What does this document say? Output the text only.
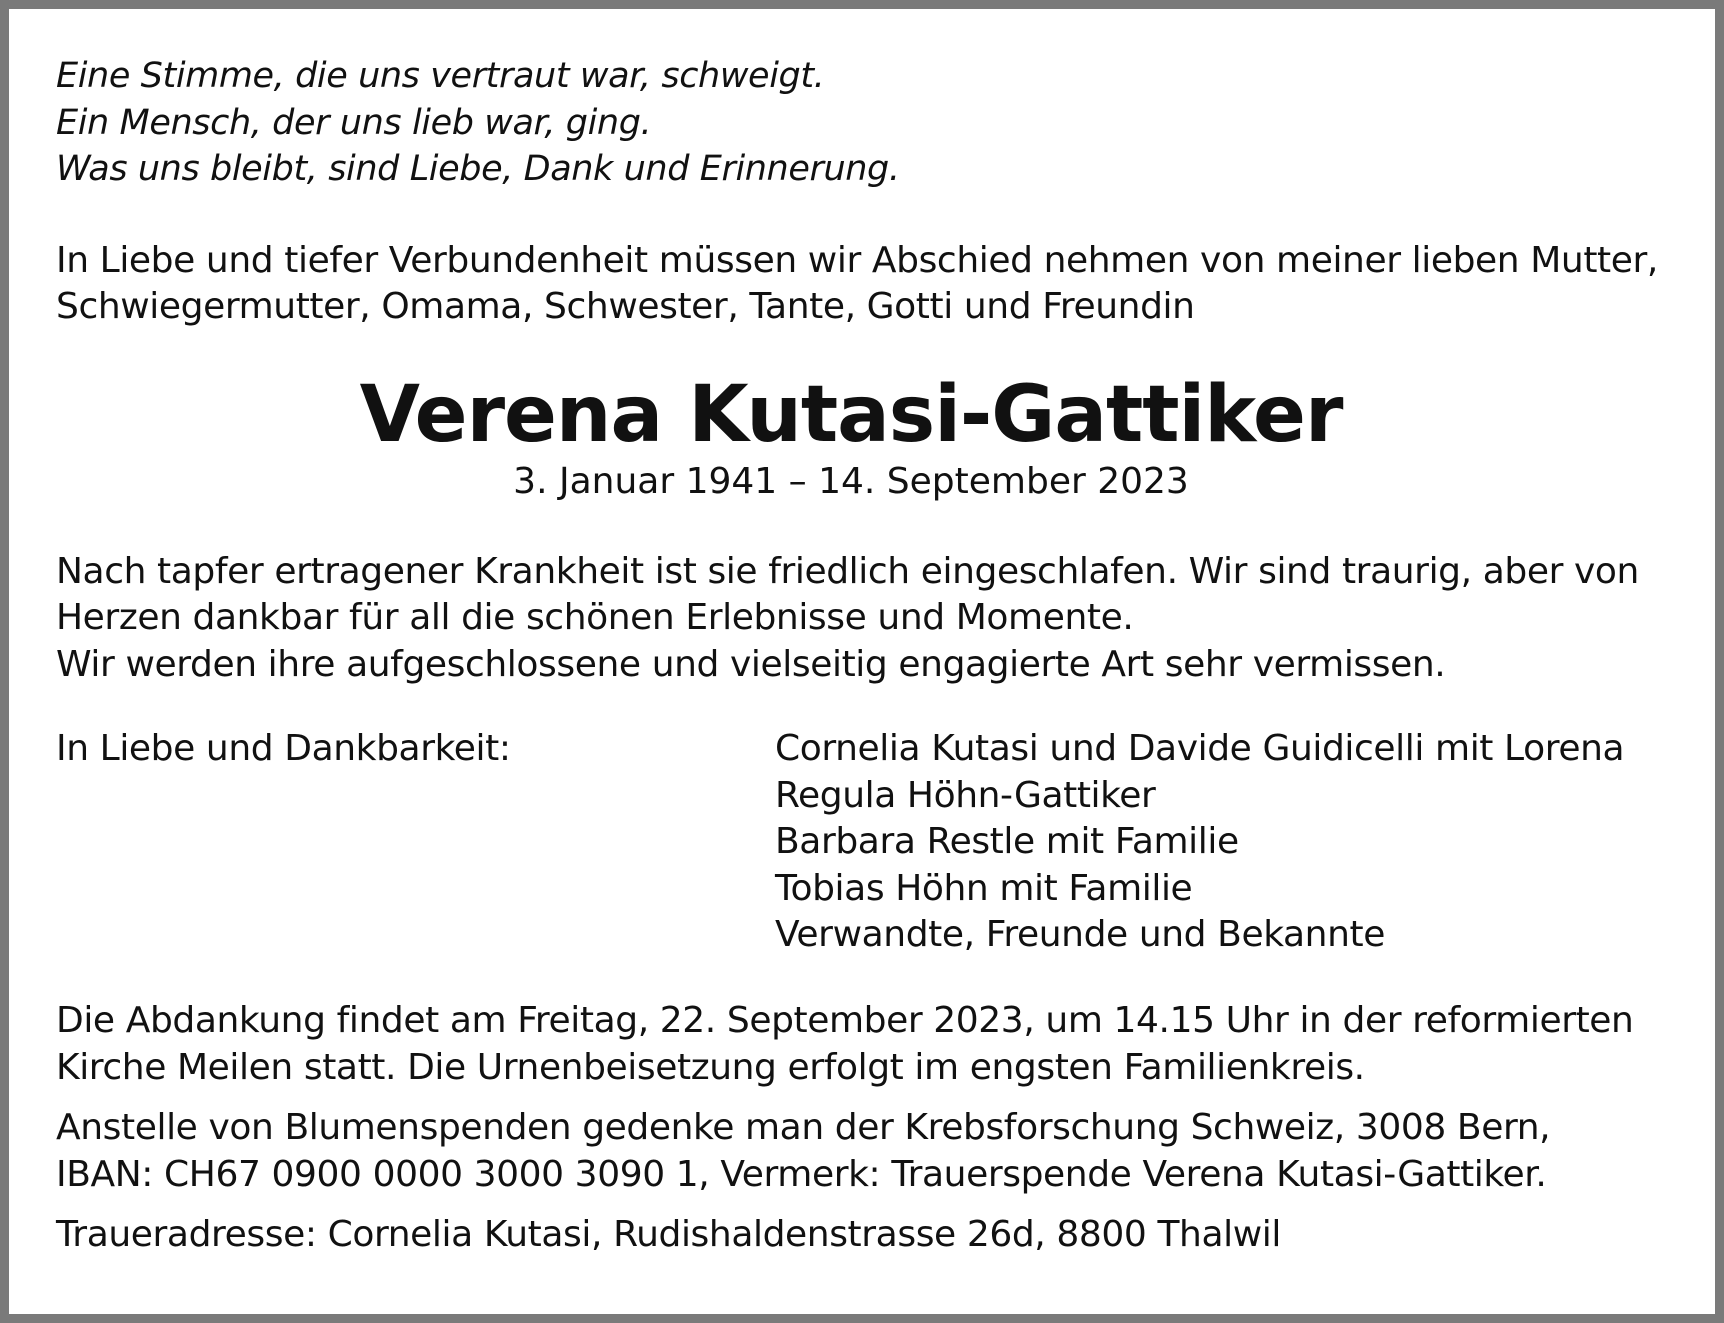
Eine Stimme, die uns vertraut war, schweigt.
Ein Mensch, der uns lieb war, ging.
Was uns bleibt, sind Liebe, Dank und Erinnerung.
In Liebe und tiefer Verbundenheit müssen wir Abschied nehmen von meiner lieben Mutter,
Schwiegermutter, Omama, Schwester, Tante, Gotti und Freundin
Verena Kutasi-Gattiker
3. Januar 1941 – 14. September 2023
Nach tapfer ertragener Krankheit ist sie friedlich eingeschlafen. Wir sind traurig, aber von
Herzen dankbar für all die schönen Erlebnisse und Momente.
Wir werden ihre aufgeschlossene und vielseitig engagierte Art sehr vermissen.
In Liebe und Dankbarkeit:	Cornelia Kutasi und Davide Guidicelli mit Lorena
Regula Höhn-Gattiker
Barbara Restle mit Familie
Tobias Höhn mit Familie
Verwandte, Freunde und Bekannte
Die Abdankung findet am Freitag, 22. September 2023, um 14.15 Uhr in der reformierten
Kirche Meilen statt. Die Urnenbeisetzung erfolgt im engsten Familienkreis.
Anstelle von Blumenspenden gedenke man der Krebsforschung Schweiz, 3008 Bern,
IBAN: CH67 0900 0000 3000 3090 1, Vermerk: Trauerspende Verena Kutasi-Gattiker.
Traueradresse: Cornelia Kutasi, Rudishaldenstrasse 26d, 8800 Thalwil
